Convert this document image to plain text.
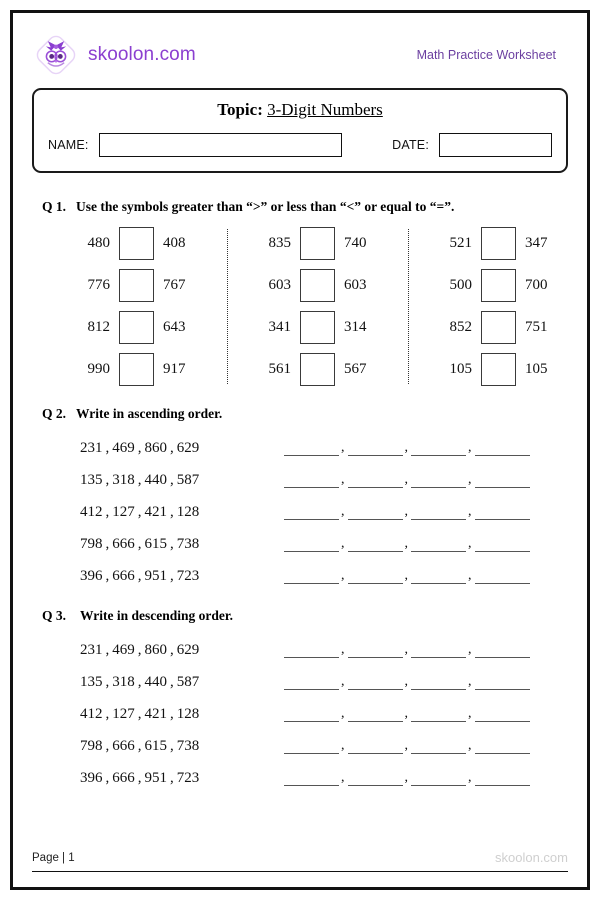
skoolon.com	Math Practice Worksheet
Topic: 3-Digit Numbers
NAME:	DATE:
Q 1. Use the symbols greater than “>” or less than “<” or equal to “=”.
480	408
776	767
812	643
990	917
835	740
603	603
341	314
561	567
521	347
500	700
852	751
105	105
Q 2. Write in ascending order.
231 , 469 , 860 , 629	,	,	,
135 , 318 , 440 , 587	,	,	,
412 , 127 , 421 , 128	,	,	,
798 , 666 , 615 , 738	,	,	,
396 , 666 , 951 , 723	,	,	,
Q 3.	Write in descending order.
231 , 469 , 860 , 629	,	,	,
135 , 318 , 440 , 587	,	,	,
412 , 127 , 421 , 128	,	,	,
798 , 666 , 615 , 738	,	,	,
396 , 666 , 951 , 723	,	,	,
Page | 1	skoolon.com
